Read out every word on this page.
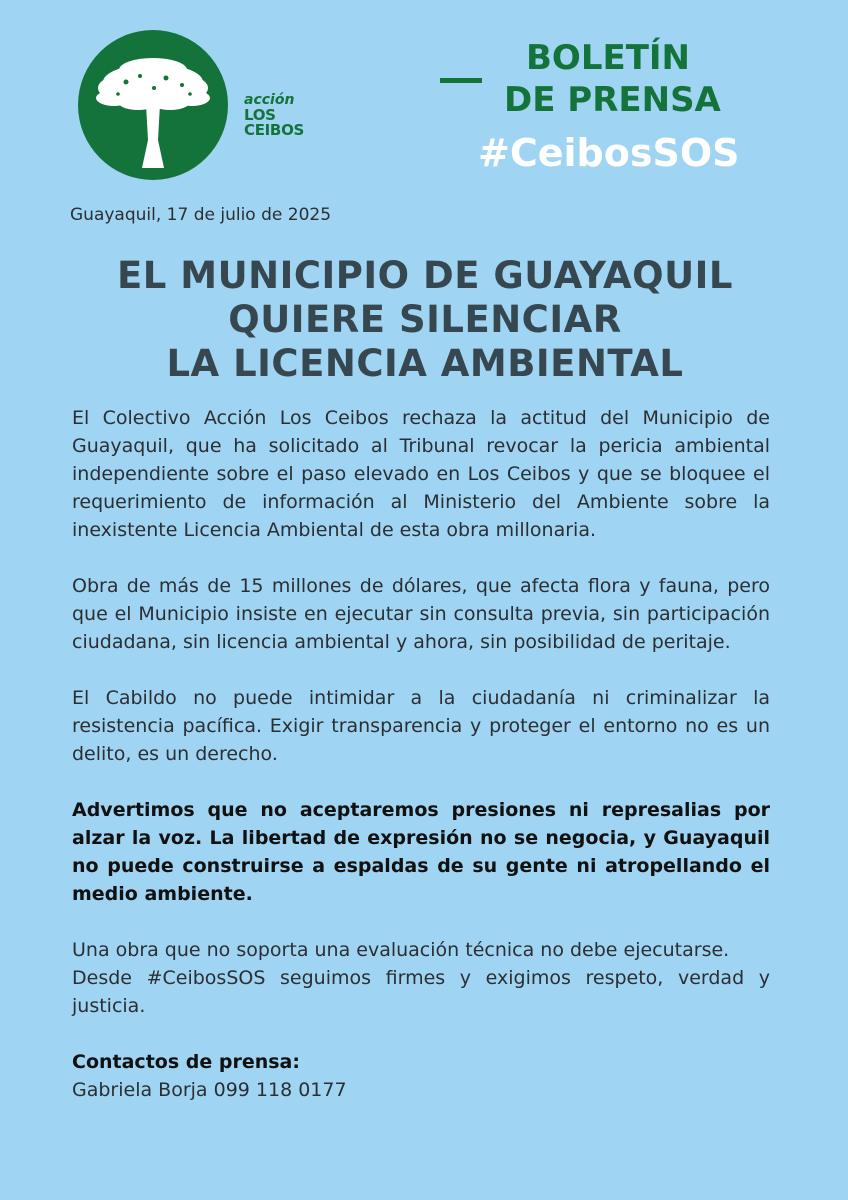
acción
LOS CEIBOS
BOLETÍN
DE PRENSA
#CeibosSOS
Guayaquil, 17 de julio de 2025
EL MUNICIPIO DE GUAYAQUIL
QUIERE SILENCIAR
LA LICENCIA AMBIENTAL

El Colectivo Acción Los Ceibos rechaza la actitud del Municipio de Guayaquil, que ha solicitado al Tribunal revocar la pericia ambiental independiente sobre el paso elevado en Los Ceibos y que se bloquee el requerimiento de información al Ministerio del Ambiente sobre la inexistente Licencia Ambiental de esta obra millonaria.

Obra de más de 15 millones de dólares, que afecta flora y fauna, pero que el Municipio insiste en ejecutar sin consulta previa, sin participación ciudadana, sin licencia ambiental y ahora, sin posibilidad de peritaje.

El Cabildo no puede intimidar a la ciudadanía ni criminalizar la resistencia pacífica. Exigir transparencia y proteger el entorno no es un delito, es un derecho.

Advertimos que no aceptaremos presiones ni represalias por alzar la voz. La libertad de expresión no se negocia, y Guayaquil no puede construirse a espaldas de su gente ni atropellando el medio ambiente.

Una obra que no soporta una evaluación técnica no debe ejecutarse.

Desde #CeibosSOS seguimos firmes y exigimos respeto, verdad y justicia.

Contactos de prensa:

Gabriela Borja 099 118 0177
